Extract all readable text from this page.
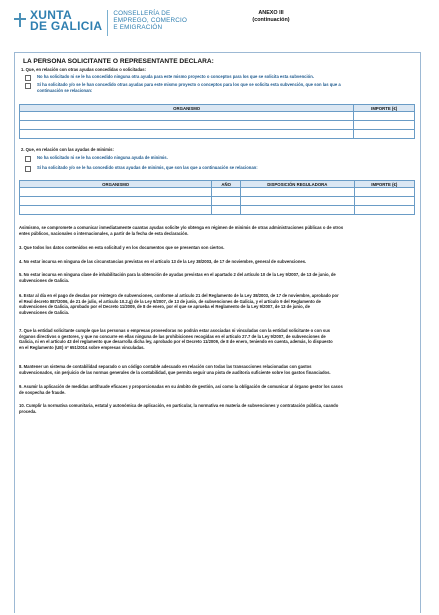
XUNTA
DE GALICIA
CONSELLERÍA DE
EMPREGO, COMERCIO
E EMIGRACIÓN
ANEXO III
(continuación)
LA PERSONA SOLICITANTE O REPRESENTANTE DECLARA:
1. Que, en relación con otras ayudas concedidas o solicitadas:
No ha solicitado ni se le ha concedido ninguna otra ayuda para este mismo proyecto o conceptos para los que se solicita esta subvención.
Sí ha solicitado y/o se le han concedido otras ayudas para este mismo proyecto o conceptos para los que se solicita esta subvención, que son las que a
continuación se relacionan:
ORGANISMO	IMPORTE (€)

2. Que, en relación con las ayudas de minimis:
No ha solicitado ni se le ha concedido ninguna ayuda de minimis.
Sí ha solicitado y/o se le ha concedido otras ayudas de minimis, que son las que a continuación se relacionan:
ORGANISMO	AÑO	DISPOSICIÓN REGULADORA	IMPORTE (€)

Asimismo, se compromete a comunicar inmediatamente cuantas ayudas solicite y/o obtenga en régimen de minimis de otras administraciones públicas o de otros
entes públicos, nacionales o internacionales, a partir de la fecha de esta declaración.
3. Que todos los datos contenidos en esta solicitud y en los documentos que se presentan son ciertos.
4. No estar incursa en ninguna de las circunstancias previstas en el artículo 13 de la Ley 38/2003, de 17 de noviembre, general de subvenciones.
5. No estar incursa en ninguna clase de inhabilitación para la obtención de ayudas previstas en el apartado 2 del artículo 10 de la Ley 9/2007, de 13 de junio, de
subvenciones de Galicia.
6. Estar al día en el pago de deudas por reintegro de subvenciones, conforme al artículo 21 del Reglamento de la Ley 38/2003, de 17 de noviembre, aprobado por
el Real decreto 887/2006, de 21 de julio, el artículo 10.2.g) de la Ley 9/2007, de 13 de junio, de subvenciones de Galicia, y el artículo 9 del Reglamento de
subvenciones de Galicia, aprobado por el Decreto 11/2009, de 8 de enero, por el que se aprueba el Reglamento de la Ley 9/2007, de 13 de junio, de
subvenciones de Galicia.
7. Que la entidad solicitante cumple que las personas o empresas proveedoras no podrán estar asociadas ni vinculadas con la entidad solicitante o con sus
órganos directivos o gestores, y que no concurre en ellas ninguna de las prohibiciones recogidas en el artículo 27.7 de la Ley 9/2007, de subvenciones de
Galicia, ni en el artículo 43 del reglamento que desarrolla dicha ley, aprobado por el Decreto 11/2009, de 8 de enero, teniendo en cuenta, además, lo dispuesto
en el Reglamento (UE) nº 651/2014 sobre empresas vinculadas.
8. Mantener un sistema de contabilidad separado o un código contable adecuado en relación con todas las transacciones relacionadas con gastos
subvencionados, sin perjuicio de las normas generales de la contabilidad, que permita seguir una pista de auditoría suficiente sobre los gastos financiados.
9. Asumir la aplicación de medidas antifraude eficaces y proporcionadas en su ámbito de gestión, así como la obligación de comunicar al órgano gestor los casos
de sospecha de fraude.
10. Cumplir la normativa comunitaria, estatal y autonómica de aplicación, en particular, la normativa en materia de subvenciones y contratación pública, cuando
proceda.
